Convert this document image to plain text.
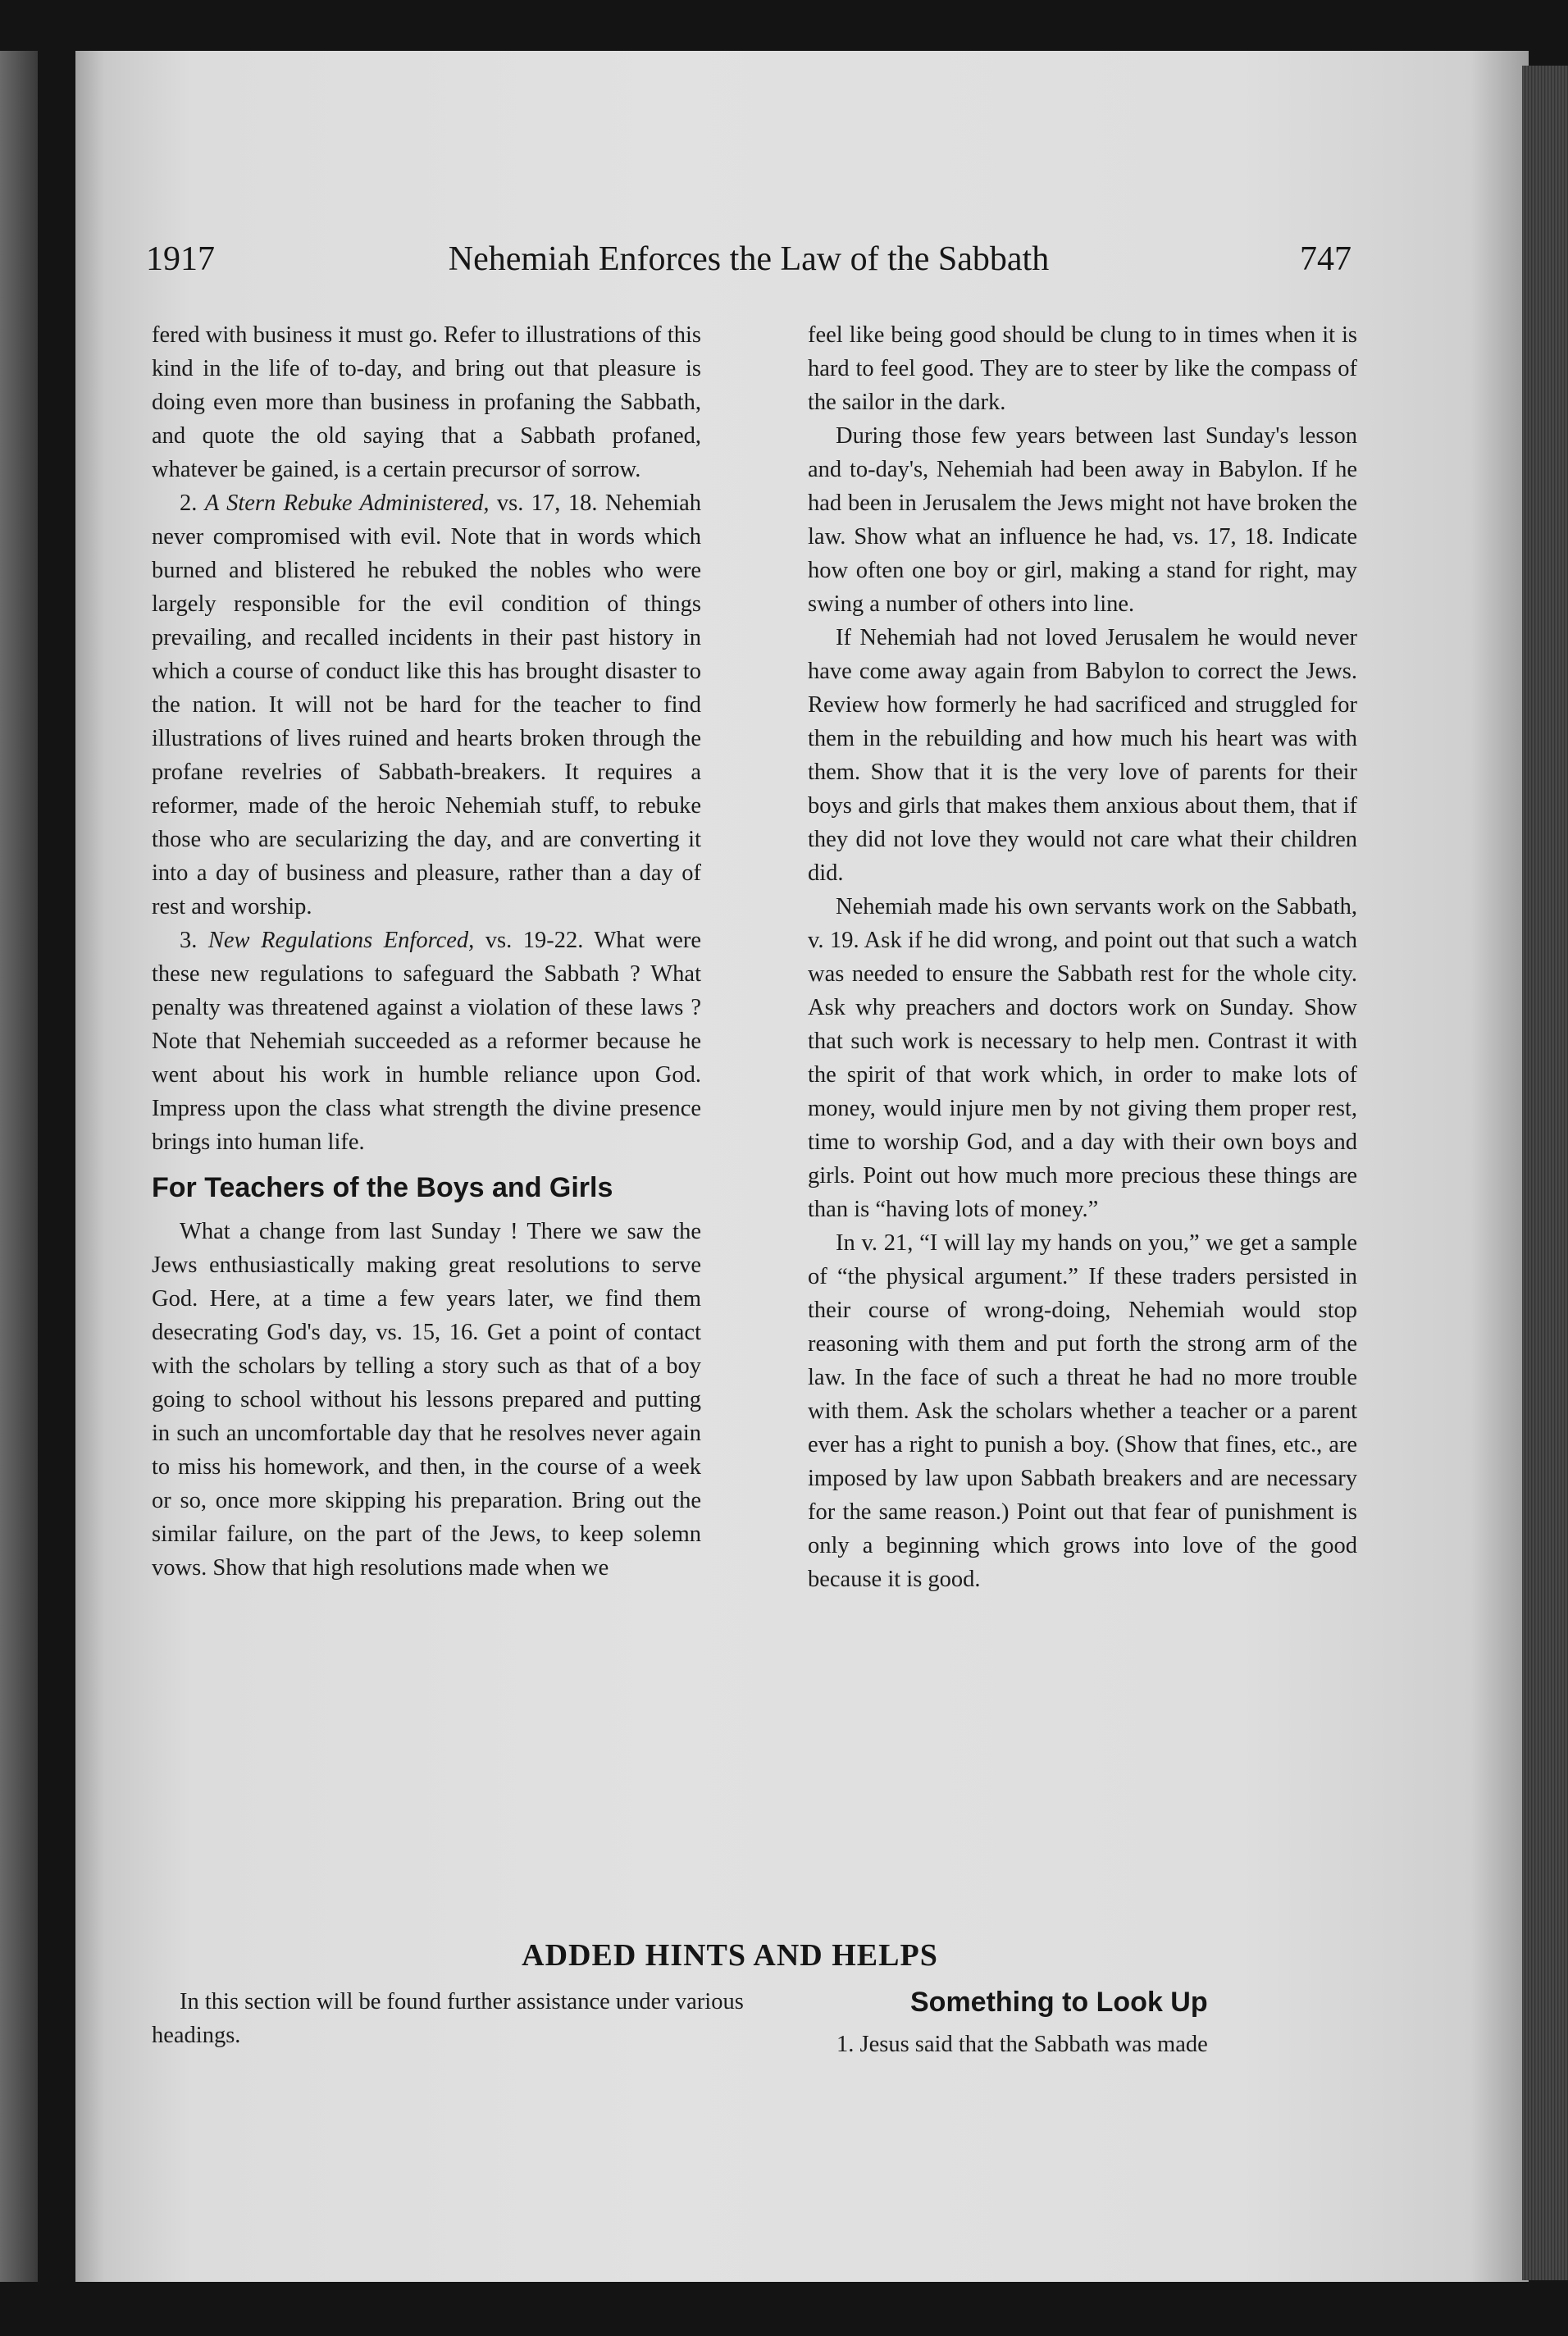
1917	Nehemiah Enforces the Law of the Sabbath	747

fered with business it must go. Refer to illustrations of this kind in the life of to-day, and bring out that pleasure is doing even more than business in profaning the Sabbath, and quote the old saying that a Sabbath profaned, whatever be gained, is a certain precursor of sorrow.

2. A Stern Rebuke Administered, vs. 17, 18. Nehemiah never compromised with evil. Note that in words which burned and blistered he rebuked the nobles who were largely responsible for the evil condition of things prevailing, and recalled incidents in their past history in which a course of conduct like this has brought disaster to the nation. It will not be hard for the teacher to find illustrations of lives ruined and hearts broken through the profane revelries of Sabbath-breakers. It requires a reformer, made of the heroic Nehemiah stuff, to rebuke those who are secularizing the day, and are converting it into a day of business and pleasure, rather than a day of rest and worship.

3. New Regulations Enforced, vs. 19-22. What were these new regulations to safeguard the Sabbath ? What penalty was threatened against a violation of these laws ? Note that Nehemiah succeeded as a reformer because he went about his work in humble reliance upon God. Impress upon the class what strength the divine presence brings into human life.

For Teachers of the Boys and Girls

What a change from last Sunday ! There we saw the Jews enthusiastically making great resolutions to serve God. Here, at a time a few years later, we find them desecrating God's day, vs. 15, 16. Get a point of contact with the scholars by telling a story such as that of a boy going to school without his lessons prepared and putting in such an uncomfortable day that he resolves never again to miss his homework, and then, in the course of a week or so, once more skipping his preparation. Bring out the similar failure, on the part of the Jews, to keep solemn vows. Show that high resolutions made when we

feel like being good should be clung to in times when it is hard to feel good. They are to steer by like the compass of the sailor in the dark.

During those few years between last Sunday's lesson and to-day's, Nehemiah had been away in Babylon. If he had been in Jerusalem the Jews might not have broken the law. Show what an influence he had, vs. 17, 18. Indicate how often one boy or girl, making a stand for right, may swing a number of others into line.

If Nehemiah had not loved Jerusalem he would never have come away again from Babylon to correct the Jews. Review how formerly he had sacrificed and struggled for them in the rebuilding and how much his heart was with them. Show that it is the very love of parents for their boys and girls that makes them anxious about them, that if they did not love they would not care what their children did.

Nehemiah made his own servants work on the Sabbath, v. 19. Ask if he did wrong, and point out that such a watch was needed to ensure the Sabbath rest for the whole city. Ask why preachers and doctors work on Sunday. Show that such work is necessary to help men. Contrast it with the spirit of that work which, in order to make lots of money, would injure men by not giving them proper rest, time to worship God, and a day with their own boys and girls. Point out how much more precious these things are than is “having lots of money.”

In v. 21, “I will lay my hands on you,” we get a sample of “the physical argument.” If these traders persisted in their course of wrong-doing, Nehemiah would stop reasoning with them and put forth the strong arm of the law. In the face of such a threat he had no more trouble with them. Ask the scholars whether a teacher or a parent ever has a right to punish a boy. (Show that fines, etc., are imposed by law upon Sabbath breakers and are necessary for the same reason.) Point out that fear of punishment is only a beginning which grows into love of the good because it is good.

ADDED HINTS AND HELPS

In this section will be found further assistance under various headings.

Something to Look Up
1. Jesus said that the Sabbath was made
